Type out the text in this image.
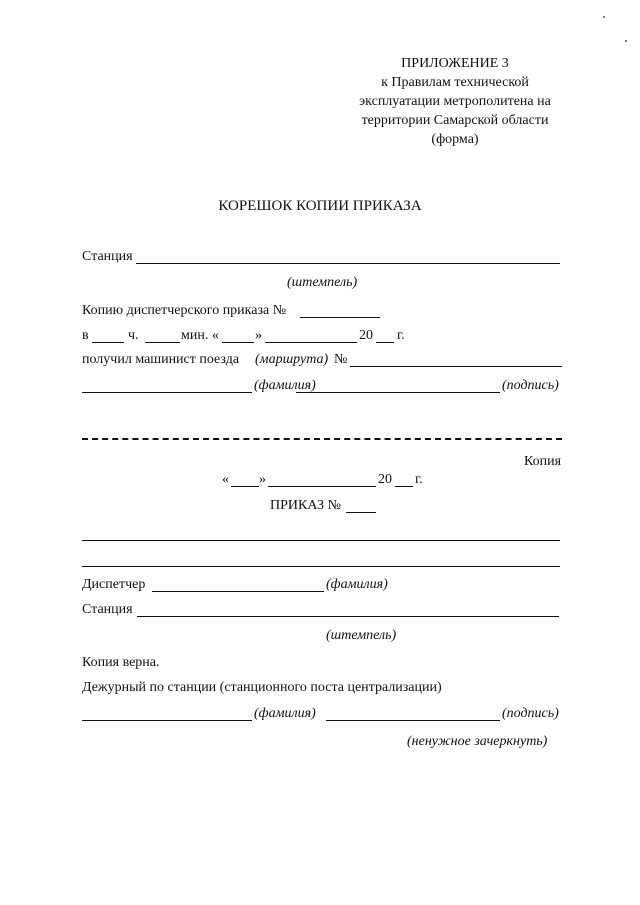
ПРИЛОЖЕНИЕ 3
к Правилам технической
эксплуатации метрополитена на
территории Самарской области
(форма)
КОРЕШОК КОПИИ ПРИКАЗА
Станция
(штемпель)
Копию диспетчерского приказа №
в	ч.	мин. «	»	20 г.
получил машинист поезда (маршрута) №
(фамилия)	(подпись)
Копия
« »	20 г.
ПРИКАЗ №
Диспетчер	(фамилия)
Станция
(штемпель)
Копия верна.
Дежурный по станции (станционного поста централизации)
(фамилия)	(подпись)
(ненужное зачеркнуть)
